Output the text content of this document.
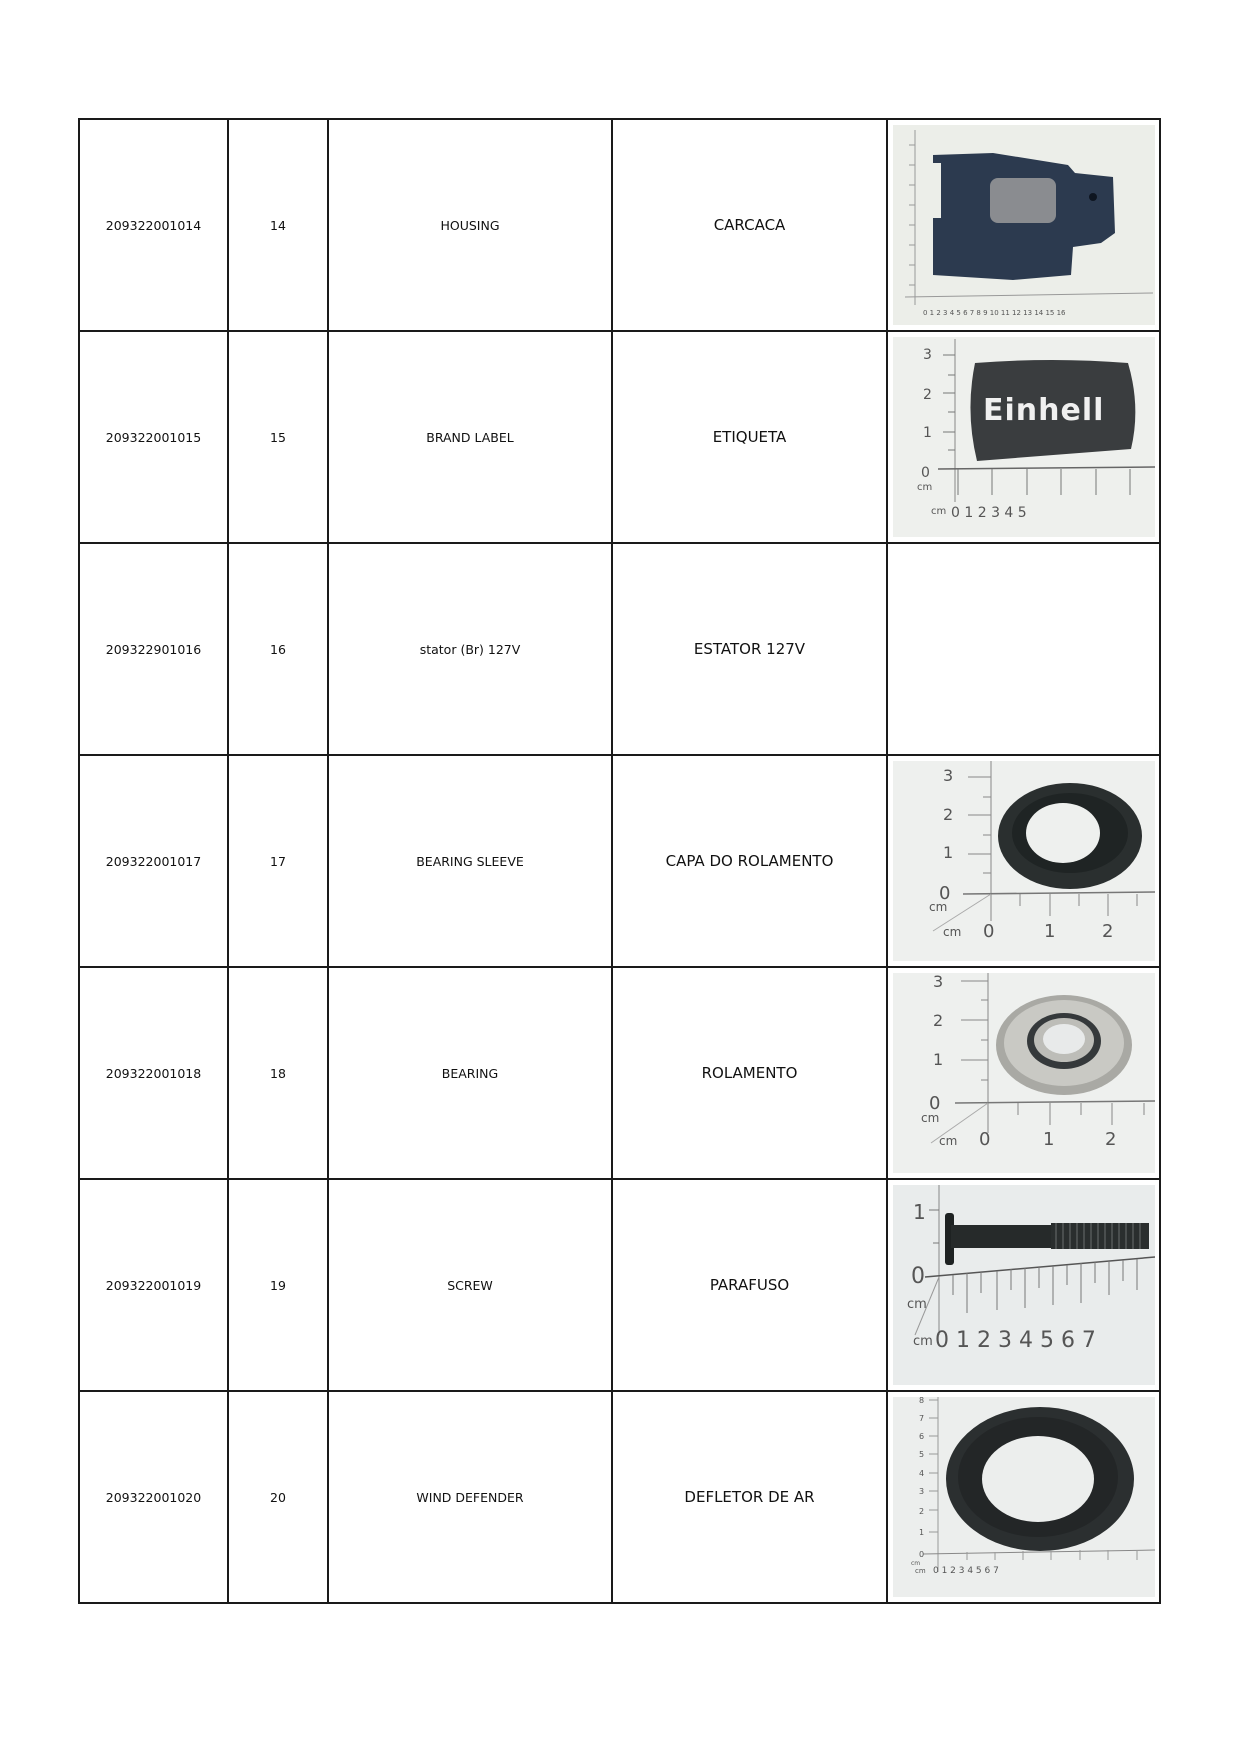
209322001014	14	HOUSING	CARCACA	0 1 2 3 4 5 6 7 8 9 10 11 12 13 14 15 16

209322001015	15	BRAND LABEL	ETIQUETA	
Einhell
3
2
1
0
cm
cm 0 1 2 3 4 5

209322901016	16	stator (Br) 127V	ESTATOR 127V	
209322001017	17	BEARING SLEEVE	CAPA DO ROLAMENTO	
3
2
1
0
cm
cm 0	1	2

209322001018	18	BEARING	ROLAMENTO	
3
2
1
0
cm
cm 0	1	2

209322001019	19	SCREW	PARAFUSO	1
0
cm
cm 0 1 2 3 4 5 6 7

209322001020	20	WIND DEFENDER	DEFLETOR DE AR	
8
7
6
5
4
3
2
1
0
cm
cm 0 1 2 3 4 5 6 7
